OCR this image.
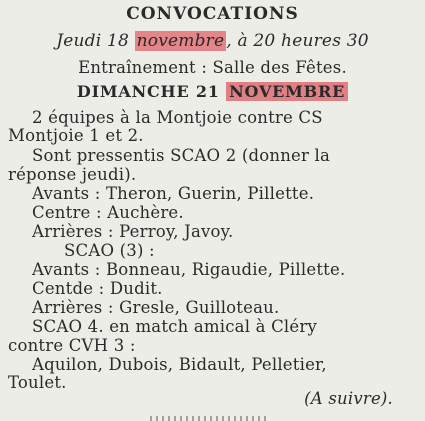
CONVOCATIONS
Jeudi 18 novembre , à 20 heures 30
Entraînement : Salle des Fêtes.
DIMANCHE 21 NOVEMBRE
2 équipes à la Montjoie contre CS
Montjoie 1 et 2.
Sont pressentis SCAO 2 (donner la
réponse jeudi).
Avants : Theron, Guerin, Pillette.
Centre : Auchère.
Arrières : Perroy, Javoy.
SCAO (3) :
Avants : Bonneau, Rigaudie, Pillette.
Centde : Dudit.
Arrières : Gresle, Guilloteau.
SCAO 4. en match amical à Cléry
contre CVH 3 :
Aquilon, Dubois, Bidault, Pelletier,
Toulet.
(A suivre).
